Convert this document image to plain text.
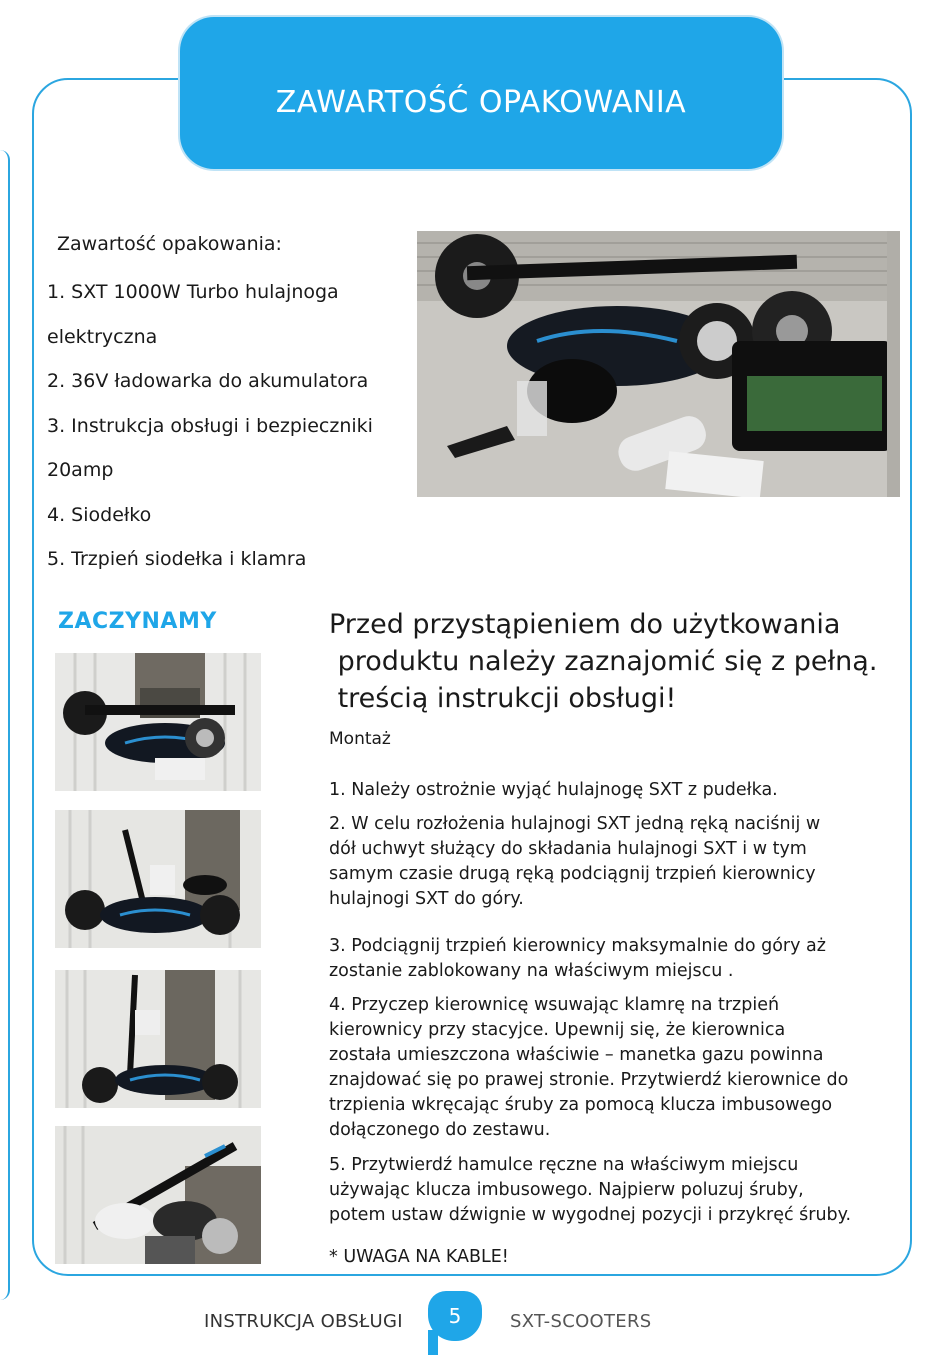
ZAWARTOŚĆ OPAKOWANIA
Zawartość opakowania:
1. SXT 1000W Turbo hulajnoga
elektryczna
2. 36V ładowarka do akumulatora
3. Instrukcja obsługi i bezpieczniki
20amp
4. Siodełko
5. Trzpień siodełka i klamra
ZACZYNAMY	Przed przystąpieniem do użytkowania
produktu należy zaznajomić się z pełną.
treścią instrukcji obsługi!
Montaż
1. Należy ostrożnie wyjąć hulajnogę SXT z pudełka.
2. W celu rozłożenia hulajnogi SXT jedną ręką naciśnij w
dół uchwyt służący do składania hulajnogi SXT i w tym
samym czasie drugą ręką podciągnij trzpień kierownicy
hulajnogi SXT do góry.
3. Podciągnij trzpień kierownicy maksymalnie do góry aż
zostanie zablokowany na właściwym miejscu .
4. Przyczep kierownicę wsuwając klamrę na trzpień
kierownicy przy stacyjce. Upewnij się, że kierownica
została umieszczona właściwie – manetka gazu powinna
znajdować się po prawej stronie. Przytwierdź kierownice do
trzpienia wkręcając śruby za pomocą klucza imbusowego
dołączonego do zestawu.
5. Przytwierdź hamulce ręczne na właściwym miejscu
używając klucza imbusowego. Najpierw poluzuj śruby,
potem ustaw dźwignie w wygodnej pozycji i przykręć śruby.
* UWAGA NA KABLE!
INSTRUKCJA OBSŁUGI	5	SXT-SCOOTERS
